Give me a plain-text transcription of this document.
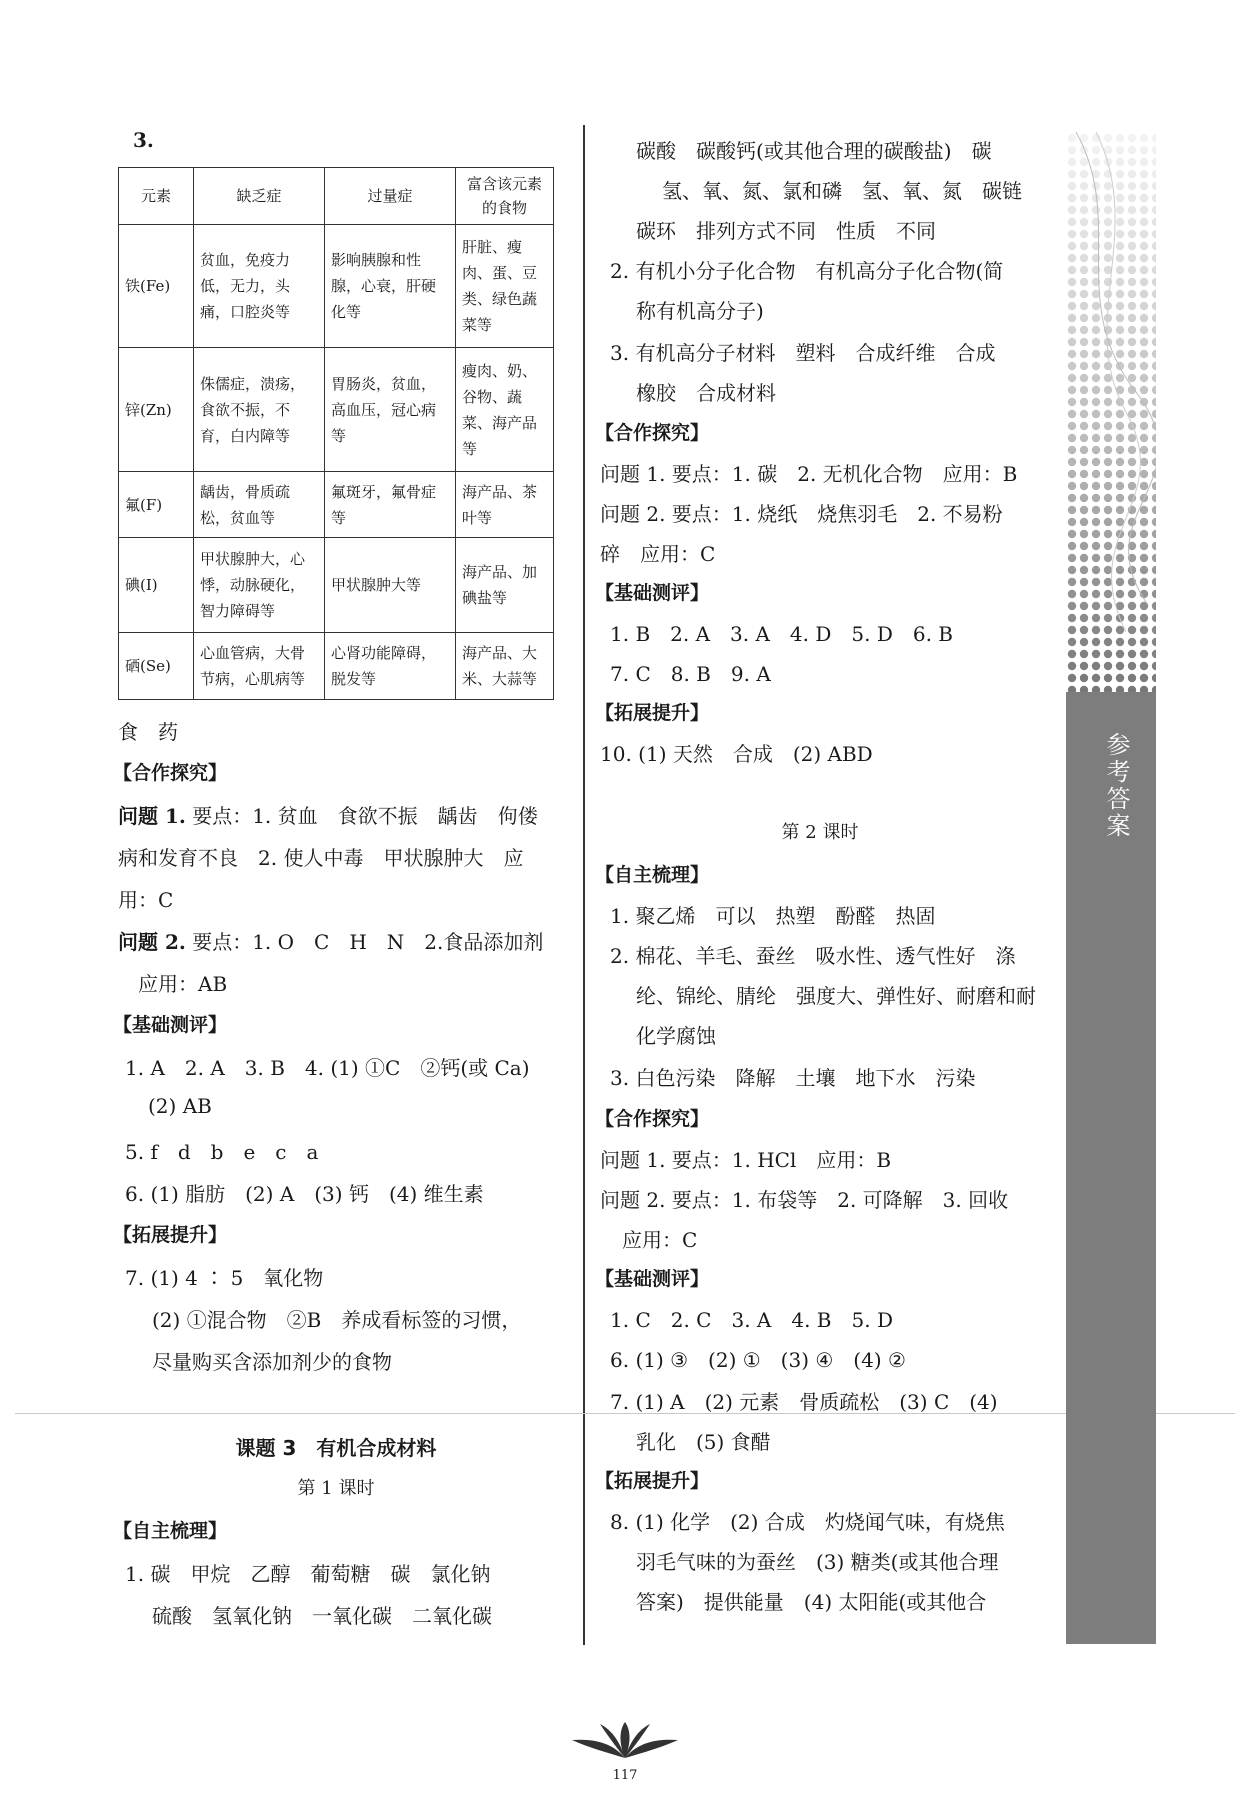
3.
元素	缺乏症	过量症	富含该元素的食物
铁(Fe)	贫血，免疫力低，无力，头痛，口腔炎等	影响胰腺和性腺，心衰，肝硬化等	肝脏、瘦肉、蛋、豆类、绿色蔬菜等
锌(Zn)	侏儒症，溃疡，食欲不振，不育，白内障等	胃肠炎，贫血，高血压，冠心病等	瘦肉、奶、谷物、蔬菜、海产品等
氟(F)	龋齿，骨质疏松，贫血等	氟斑牙，氟骨症等	海产品、茶叶等
碘(I)	甲状腺肿大，心悸，动脉硬化，智力障碍等	甲状腺肿大等	海产品、加碘盐等
硒(Se)	心血管病，大骨节病，心肌病等	心肾功能障碍，脱发等	海产品、大米、大蒜等
食　药
【合作探究】
问题 1. 要点：1. 贫血　食欲不振　龋齿　佝偻
病和发育不良　2. 使人中毒　甲状腺肿大　应
用：C
问题 2. 要点：1. O　C　H　N　2.食品添加剂
应用：AB
【基础测评】
1. A　2. A　3. B　4. (1) ①C　②钙(或 Ca)
(2) AB
5. f　d　b　e　c　a
6. (1) 脂肪　(2) A　(3) 钙　(4) 维生素
【拓展提升】
7. (1) 4 ∶ 5　氧化物
(2) ①混合物　②B　养成看标签的习惯，
尽量购买含添加剂少的食物
课题 3　有机合成材料
第 1 课时
【自主梳理】
1. 碳　甲烷　乙醇　葡萄糖　碳　氯化钠
硫酸　氢氧化钠　一氧化碳　二氧化碳
碳酸　碳酸钙(或其他合理的碳酸盐)　碳
氢、氧、氮、氯和磷　氢、氧、氮　碳链
碳环　排列方式不同　性质　不同
2. 有机小分子化合物　有机高分子化合物(简
称有机高分子)
3. 有机高分子材料　塑料　合成纤维　合成
橡胶　合成材料
【合作探究】
问题 1. 要点：1. 碳　2. 无机化合物　应用：B
问题 2. 要点：1. 烧纸　烧焦羽毛　2. 不易粉
碎　应用：C
【基础测评】
1. B　2. A　3. A　4. D　5. D　6. B
7. C　8. B　9. A
【拓展提升】
10. (1) 天然　合成　(2) ABD
第 2 课时
【自主梳理】
1. 聚乙烯　可以　热塑　酚醛　热固
2. 棉花、羊毛、蚕丝　吸水性、透气性好　涤
纶、锦纶、腈纶　强度大、弹性好、耐磨和耐
化学腐蚀
3. 白色污染　降解　土壤　地下水　污染
【合作探究】
问题 1. 要点：1. HCl　应用：B
问题 2. 要点：1. 布袋等　2. 可降解　3. 回收
应用：C
【基础测评】
1. C　2. C　3. A　4. B　5. D
6. (1) ③　(2) ①　(3) ④　(4) ②
7. (1) A　(2) 元素　骨质疏松　(3) C　(4)
乳化　(5) 食醋
【拓展提升】
8. (1) 化学　(2) 合成　灼烧闻气味，有烧焦
羽毛气味的为蚕丝　(3) 糖类(或其他合理
答案)　提供能量　(4) 太阳能(或其他合
参考答案
117
